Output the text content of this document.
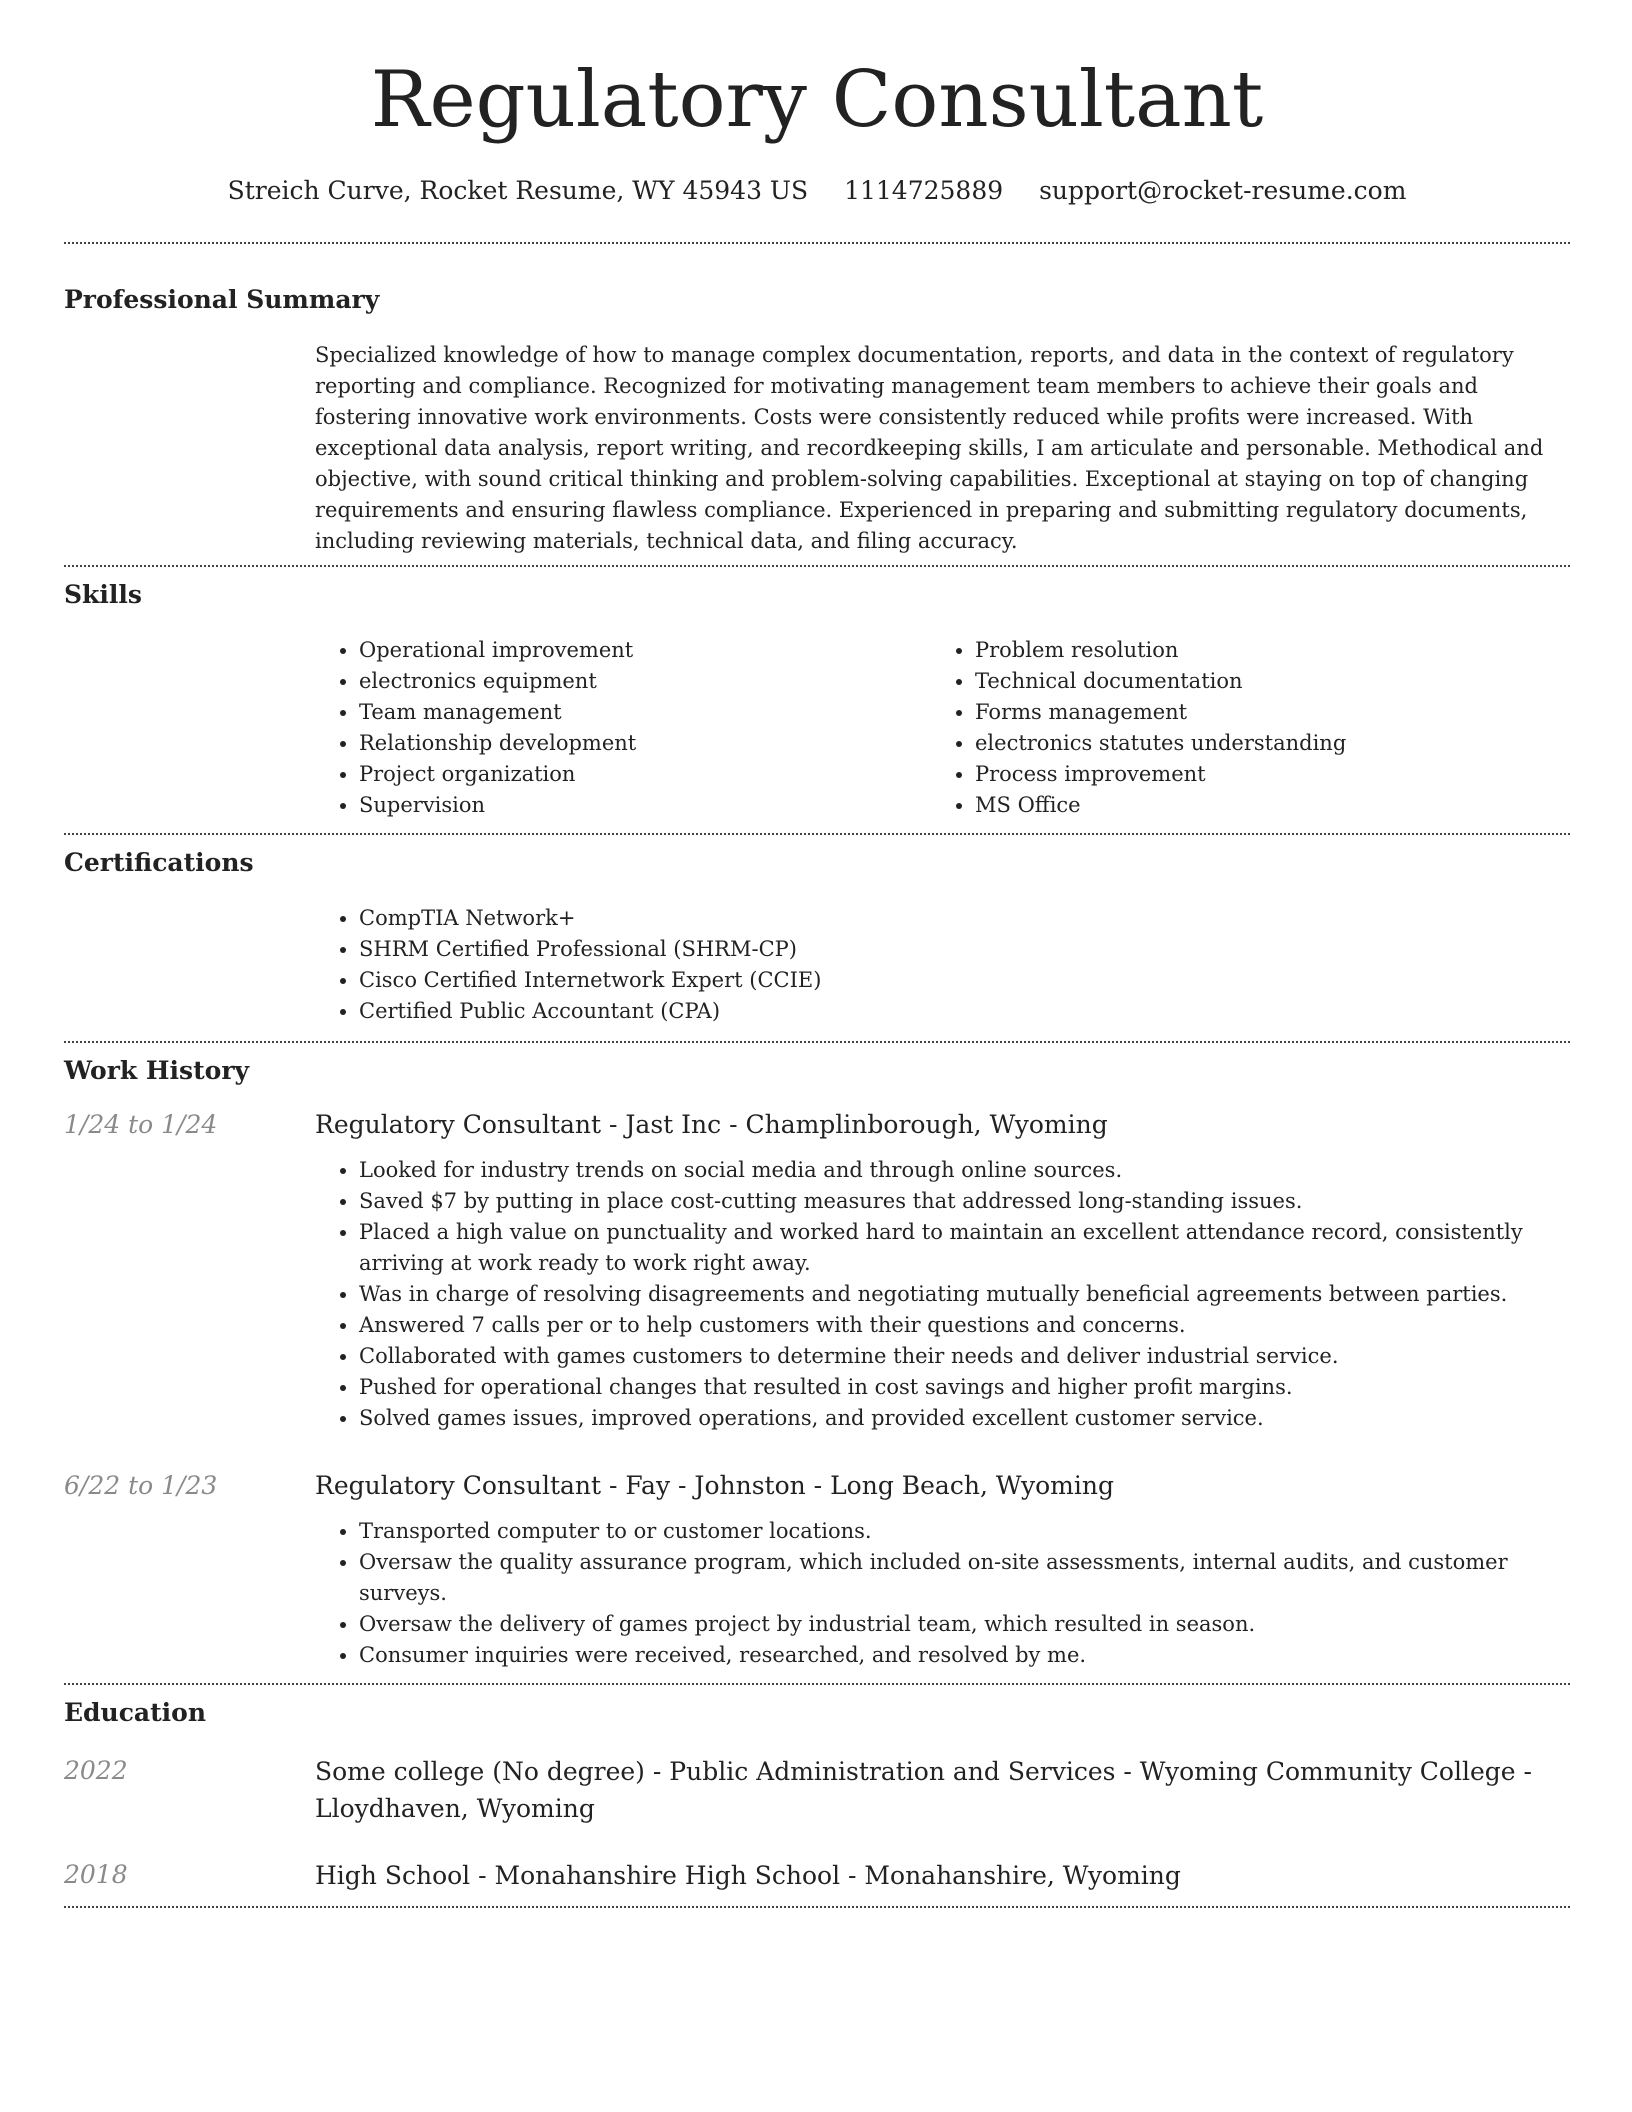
Regulatory Consultant
Streich Curve, Rocket Resume, WY 45943 US 1114725889 support@rocket-resume.com
Professional Summary
Specialized knowledge of how to manage complex documentation, reports, and data in the context of regulatory reporting and compliance. Recognized for motivating management team members to achieve their goals and fostering innovative work environments. Costs were consistently reduced while profits were increased. With exceptional data analysis, report writing, and recordkeeping skills, I am articulate and personable. Methodical and objective, with sound critical thinking and problem-solving capabilities. Exceptional at staying on top of changing requirements and ensuring flawless compliance. Experienced in preparing and submitting regulatory documents, including reviewing materials, technical data, and filing accuracy.
Skills
• Operational improvement
• electronics equipment
• Team management
• Relationship development
• Project organization
• Supervision
• Problem resolution
• Technical documentation
• Forms management
• electronics statutes understanding
• Process improvement
• MS Office
Certifications
• CompTIA Network+
• SHRM Certified Professional (SHRM-CP)
• Cisco Certified Internetwork Expert (CCIE)
• Certified Public Accountant (CPA)
Work History
1/24 to 1/24	Regulatory Consultant - Jast Inc - Champlinborough, Wyoming
• Looked for industry trends on social media and through online sources.
• Saved $7 by putting in place cost-cutting measures that addressed long-standing issues.
• Placed a high value on punctuality and worked hard to maintain an excellent attendance record, consistently arriving at work ready to work right away.
• Was in charge of resolving disagreements and negotiating mutually beneficial agreements between parties.
• Answered 7 calls per or to help customers with their questions and concerns.
• Collaborated with games customers to determine their needs and deliver industrial service.
• Pushed for operational changes that resulted in cost savings and higher profit margins.
• Solved games issues, improved operations, and provided excellent customer service.
6/22 to 1/23	Regulatory Consultant - Fay - Johnston - Long Beach, Wyoming
• Transported computer to or customer locations.
• Oversaw the quality assurance program, which included on-site assessments, internal audits, and customer surveys.
• Oversaw the delivery of games project by industrial team, which resulted in season.
• Consumer inquiries were received, researched, and resolved by me.
Education
2022	Some college (No degree) - Public Administration and Services - Wyoming Community College - Lloydhaven, Wyoming
2018	High School - Monahanshire High School - Monahanshire, Wyoming
